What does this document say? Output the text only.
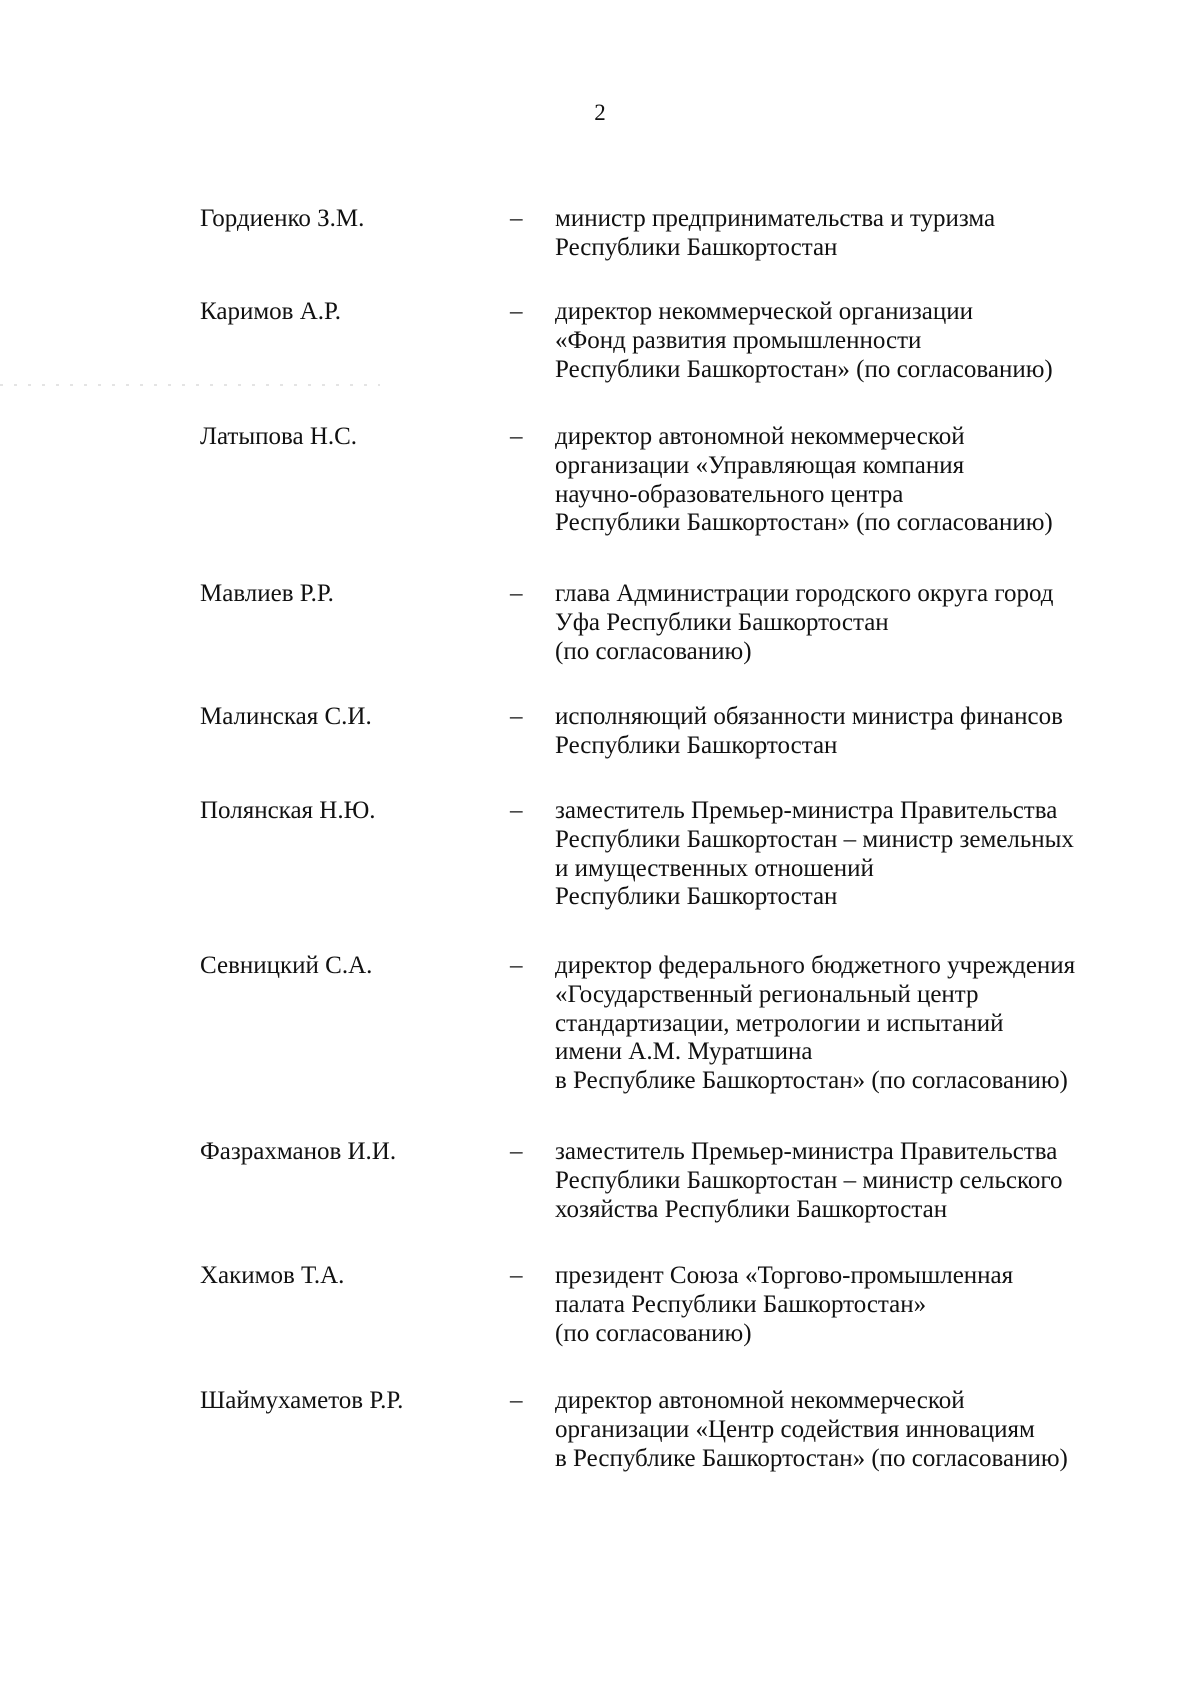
2
Гордиенко З.М.	– министр предпринимательства и туризма
Республики Башкортостан
Каримов А.Р.	– директор некоммерческой организации
«Фонд развития промышленности
Республики Башкортостан» (по согласованию)
Латыпова Н.С.	– директор автономной некоммерческой
организации «Управляющая компания
научно-образовательного центра
Республики Башкортостан» (по согласованию)
Мавлиев Р.Р.	– глава Администрации городского округа город
Уфа Республики Башкортостан
(по согласованию)
Малинская С.И.	– исполняющий обязанности министра финансов
Республики Башкортостан
Полянская Н.Ю.	– заместитель Премьер-министра Правительства
Республики Башкортостан – министр земельных
и имущественных отношений
Республики Башкортостан
Севницкий С.А.	– директор федерального бюджетного учреждения
«Государственный региональный центр
стандартизации, метрологии и испытаний
имени А.М. Муратшина
в Республике Башкортостан» (по согласованию)
Фазрахманов И.И.	– заместитель Премьер-министра Правительства
Республики Башкортостан – министр сельского
хозяйства Республики Башкортостан
Хакимов Т.А.	– президент Союза «Торгово-промышленная
палата Республики Башкортостан»
(по согласованию)
Шаймухаметов Р.Р.	– директор автономной некоммерческой
организации «Центр содействия инновациям
в Республике Башкортостан» (по согласованию)
